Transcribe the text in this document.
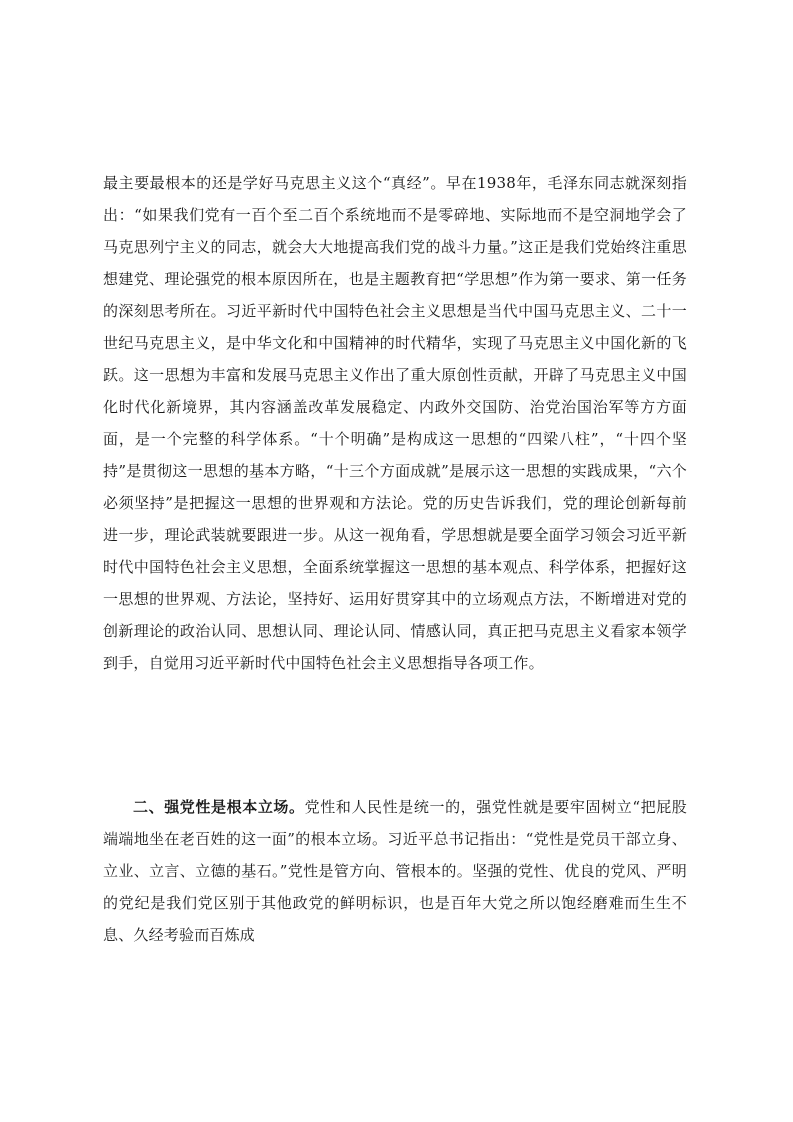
最主要最根本的还是学好马克思主义这个“真经”。早在1938年，毛泽东同志就深刻指出：“如果我们党有一百个至二百个系统地而不是零碎地、实际地而不是空洞地学会了马克思列宁主义的同志，就会大大地提高我们党的战斗力量。”这正是我们党始终注重思想建党、理论强党的根本原因所在，也是主题教育把“学思想”作为第一要求、第一任务的深刻思考所在。习近平新时代中国特色社会主义思想是当代中国马克思主义、二十一世纪马克思主义，是中华文化和中国精神的时代精华，实现了马克思主义中国化新的飞跃。这一思想为丰富和发展马克思主义作出了重大原创性贡献，开辟了马克思主义中国化时代化新境界，其内容涵盖改革发展稳定、内政外交国防、治党治国治军等方方面面，是一个完整的科学体系。“十个明确”是构成这一思想的“四梁八柱”，“十四个坚持”是贯彻这一思想的基本方略，“十三个方面成就”是展示这一思想的实践成果，“六个必须坚持”是把握这一思想的世界观和方法论。党的历史告诉我们，党的理论创新每前进一步，理论武装就要跟进一步。从这一视角看，学思想就是要全面学习领会习近平新时代中国特色社会主义思想，全面系统掌握这一思想的基本观点、科学体系，把握好这一思想的世界观、方法论，坚持好、运用好贯穿其中的立场观点方法，不断增进对党的创新理论的政治认同、思想认同、理论认同、情感认同，真正把马克思主义看家本领学到手，自觉用习近平新时代中国特色社会主义思想指导各项工作。

二、强党性是根本立场。党性和人民性是统一的，强党性就是要牢固树立“把屁股端端地坐在老百姓的这一面”的根本立场。习近平总书记指出：“党性是党员干部立身、立业、立言、立德的基石。”党性是管方向、管根本的。坚强的党性、优良的党风、严明的党纪是我们党区别于其他政党的鲜明标识，也是百年大党之所以饱经磨难而生生不息、久经考验而百炼成
